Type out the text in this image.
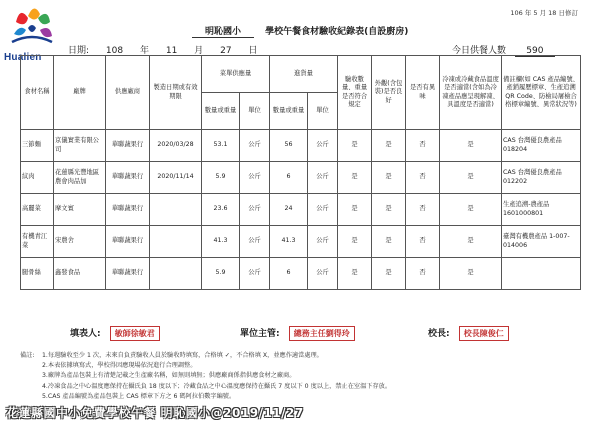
Hualien
106 年 5 月 18 日修訂
明恥國小	學校午餐食材驗收紀錄表(自設廚房)
日期: 108 年 11 月 27 日	今日供餐人數 590
食材名稱	廠牌	供應廠商	製造日期或有效期限	菜單供應量		進貨量		驗收數量、重量是否符合規定	外觀(含包裝)是否良好	是否有異味	冷凍或冷藏食品溫度是否適當(含如為冷凍產品應呈現解凍、具溫度是否適當)	備註欄(如 CAS 產品編號、產銷履歷標章、生產追溯 QR Code、防檢局屠檢合格標章編號、異常狀況等)
				數量或重量	單位	數量或重量	單位					
三節麵	京儀實業有限公司	華聯蔬果行	2020/03/28	53.1	公斤	56	公斤	是	是	否	是	CAS 台灣優良農產品 018204
紋肉	花蓮縣光豐地區農會肉品加	華聯蔬果行	2020/11/14	5.9	公斤	6	公斤	是	是	否	是	CAS 台灣優良農產品 012202
高麗菜	摩文賓	華聯蔬果行		23.6	公斤	24	公斤	是	是	否	是	生產追溯-農產品 1601000801
有機青江菜	宋農舍	華聯蔬果行		41.3	公斤	41.3	公斤	是	是	否	是	臺灣有機農產品 1-007-014006
腿骨絲	鑫發食品	華聯蔬果行		5.9	公斤	6	公斤	是	是	否	是	
填表人: 敏師徐敏君	單位主管: 總務主任劉得玲	校長: 校長陳俊仁
備註: 1.每週驗收至少 1 次，未來自負責驗收人員於驗收時填寫，合格填 ✓，不合格填 X，並應作適當處理。
2.本表依據填寫式，學校得因應現場依況進行合理調整。
3.廠牌為產品包裝上有清楚記載之生產廠名稱，如無則填無；供應廠商係指供應食材之廠商。
4.冷凍食品之中心溫度應保持在攝氏負 18 度以下；冷藏食品之中心溫度應保持在攝氏 7 度以下 0 度以上，禁止在室溫下存放。
5.CAS 產品編號為產品包裝上 CAS 標章下方之 6 碼阿拉伯數字編號。
花蓮縣國中小免費學校午餐 明恥國小@2019/11/27
